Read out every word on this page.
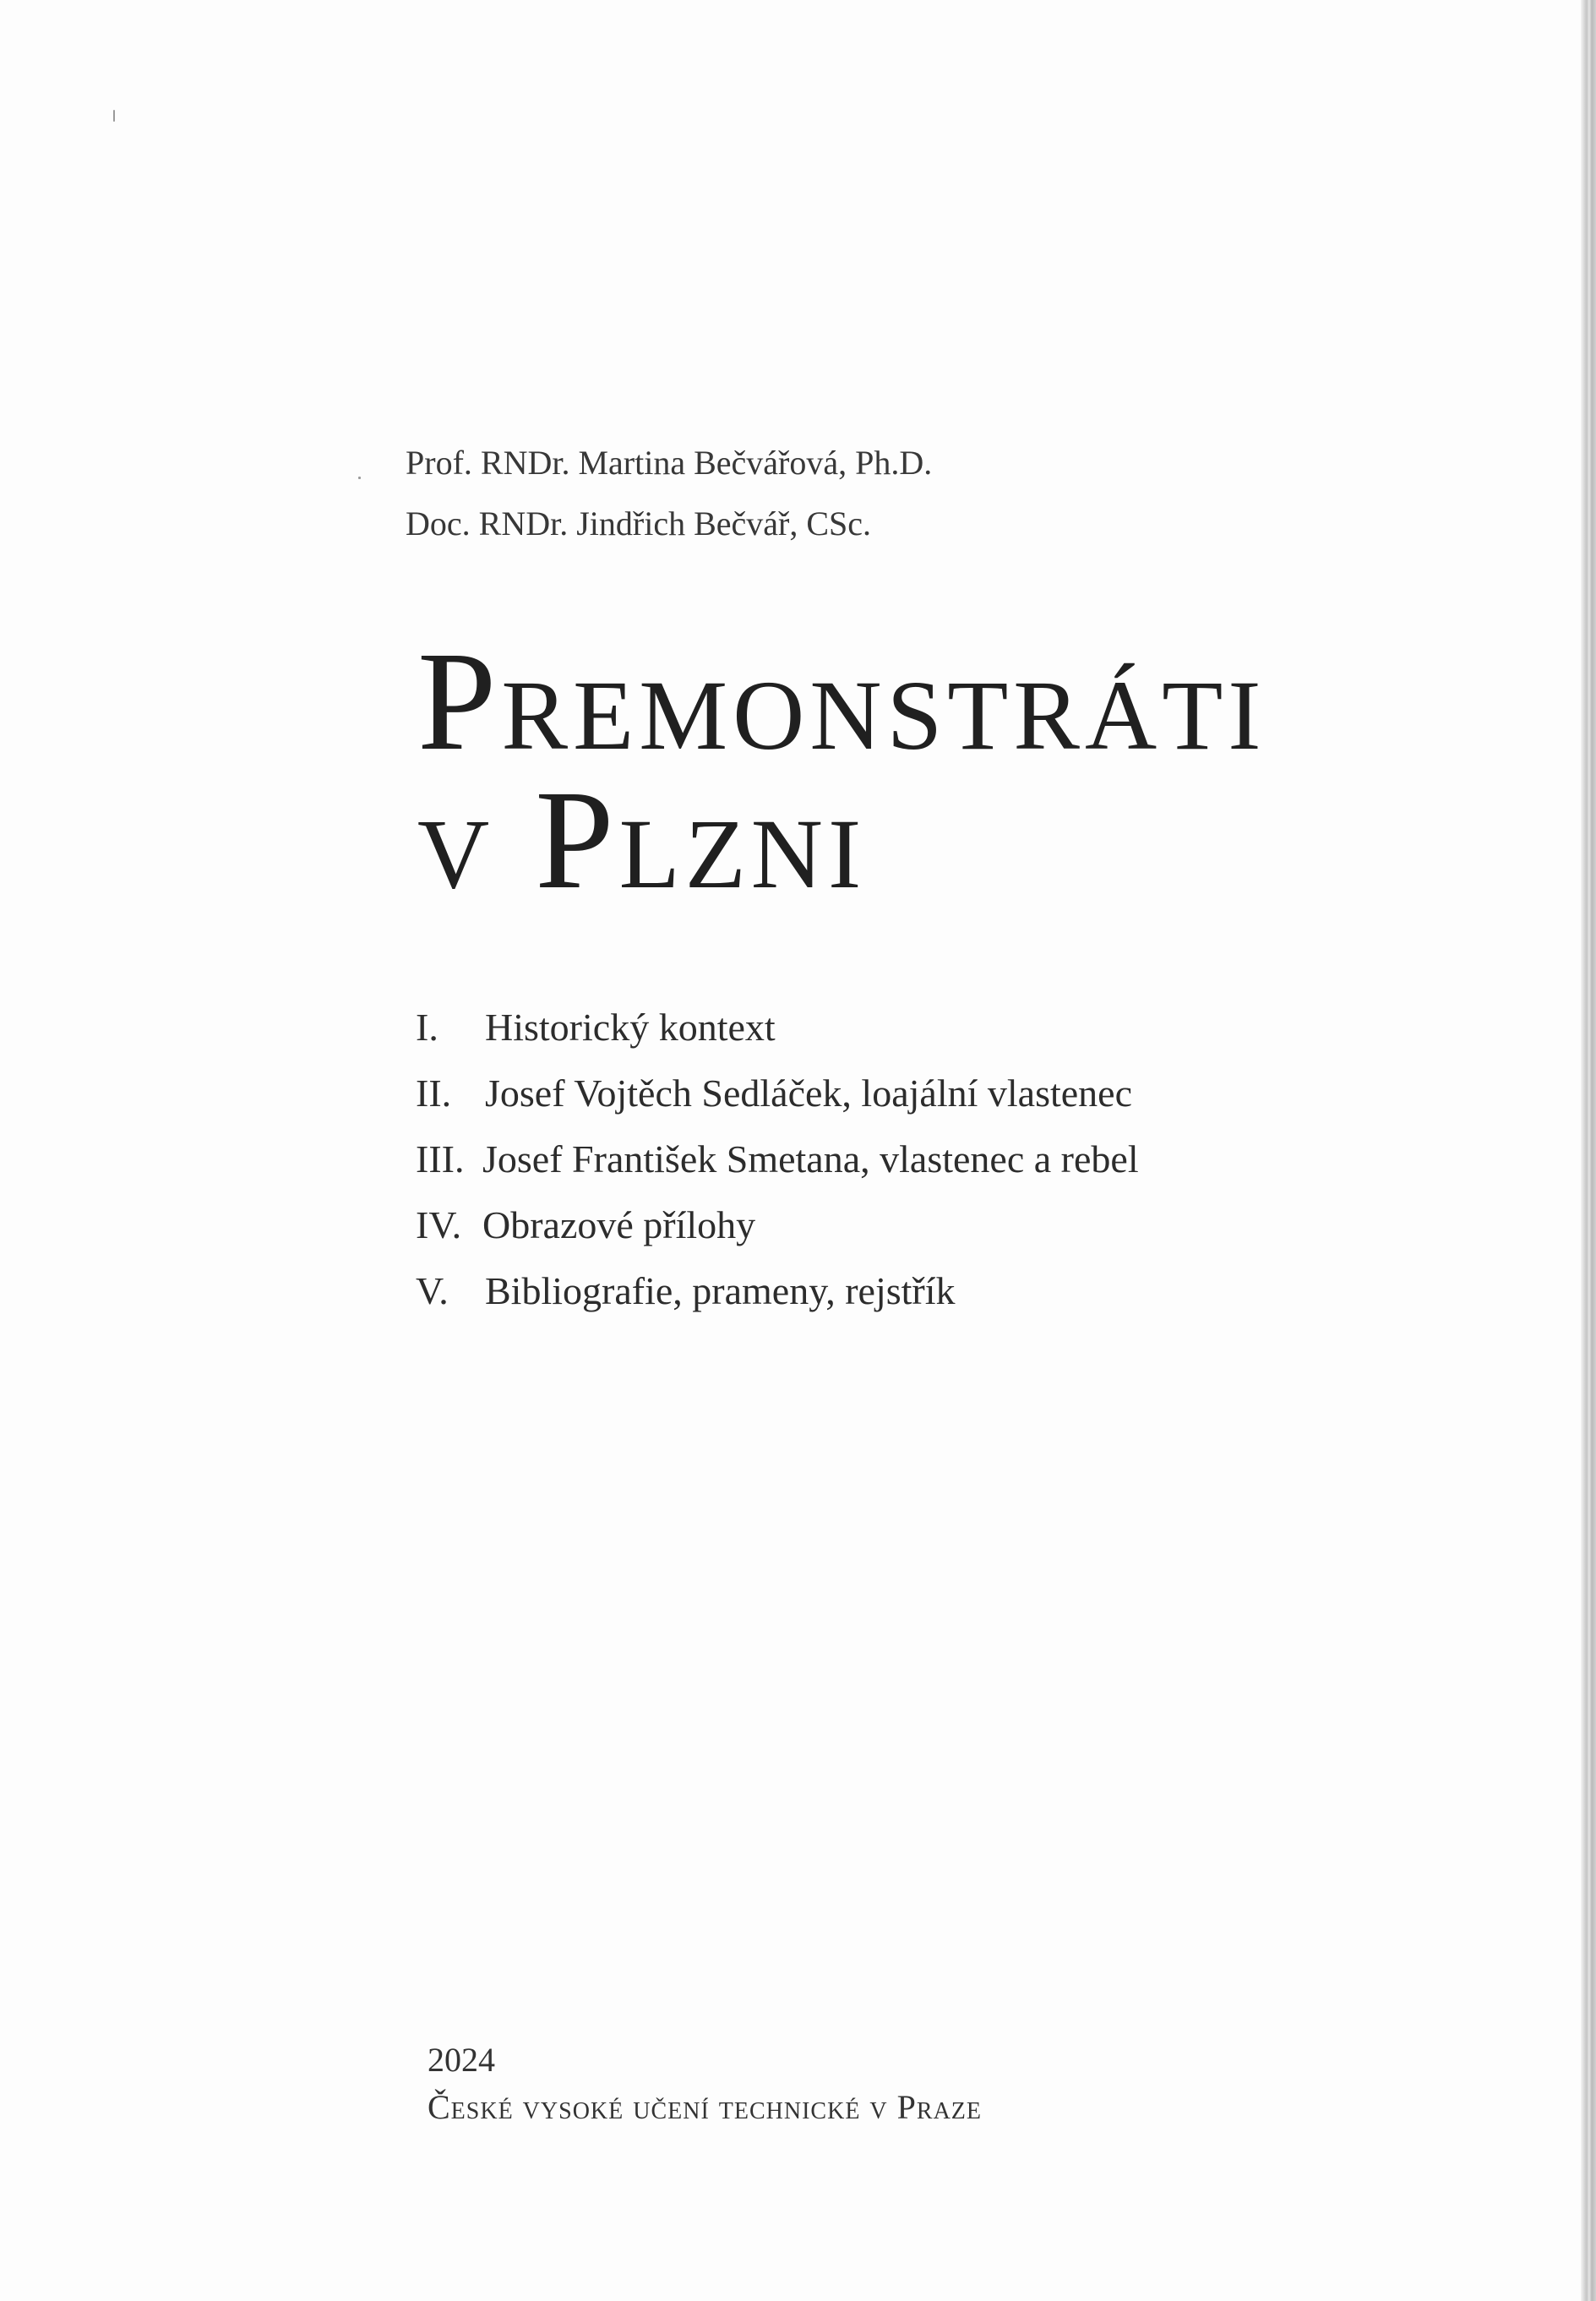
Prof. RNDr. Martina Bečvářová, Ph.D.
Doc. RNDr. Jindřich Bečvář, CSc.
Premonstráti
v Plzni
I. Historický kontext
II. Josef Vojtěch Sedláček, loajální vlastenec
III. Josef František Smetana, vlastenec a rebel
IV. Obrazové přílohy
V. Bibliografie, prameny, rejstřík
2024
České vysoké učení technické v Praze
